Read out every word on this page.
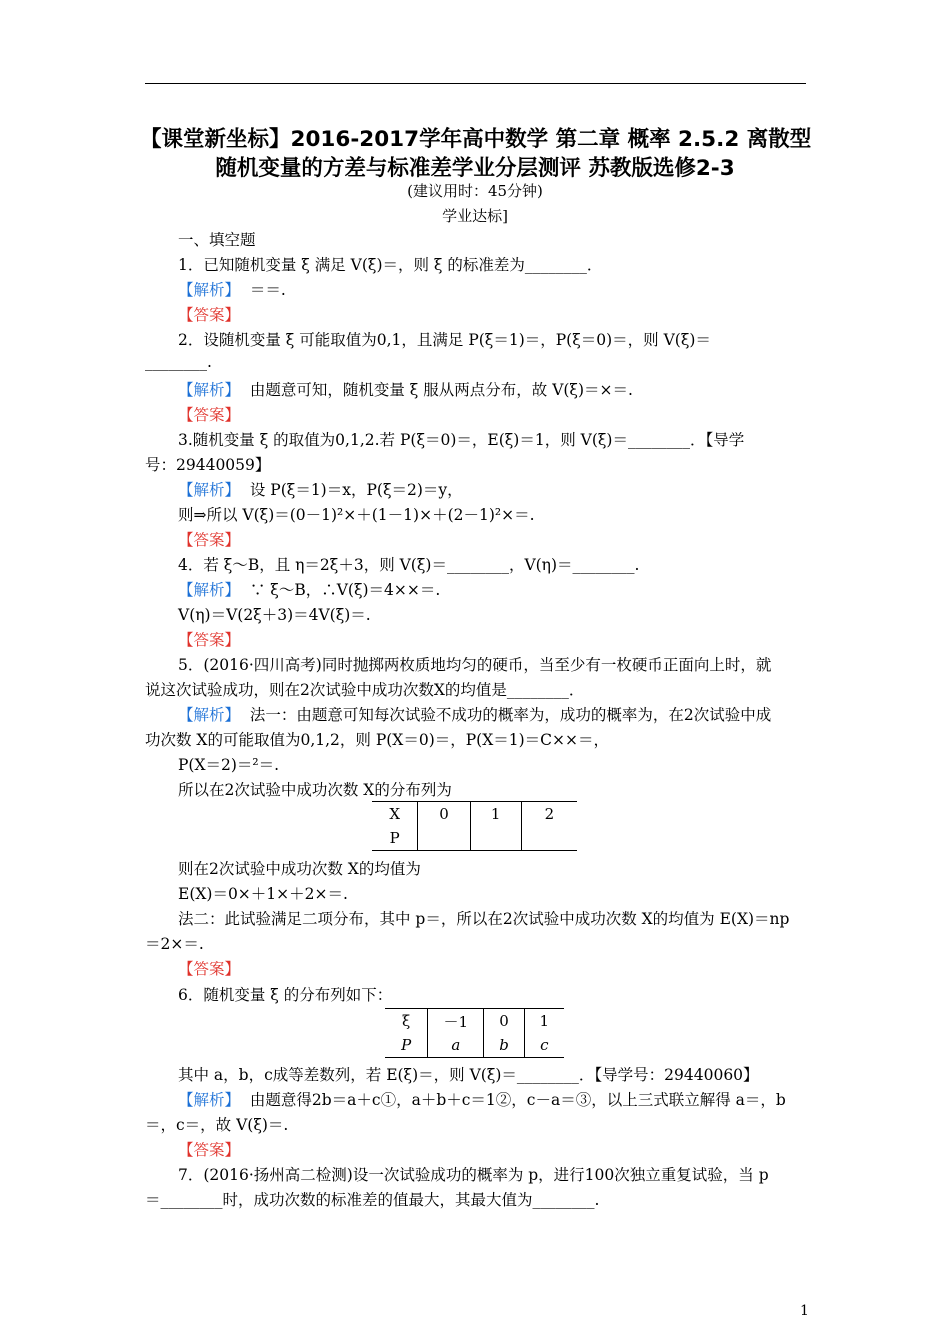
【课堂新坐标】2016-2017学年高中数学 第二章 概率 2.5.2 离散型
随机变量的方差与标准差学业分层测评 苏教版选修2-3
(建议用时：45分钟)
学业达标]
一、填空题
1．已知随机变量 ξ 满足 V(ξ)＝，则 ξ 的标准差为________．
【解析】 ＝＝.
【答案】
2．设随机变量 ξ 可能取值为0,1，且满足 P(ξ＝1)＝，P(ξ＝0)＝，则 V(ξ)＝
________.
【解析】 由题意可知，随机变量 ξ 服从两点分布，故 V(ξ)＝×＝.
【答案】
3.随机变量 ξ 的取值为0,1,2.若 P(ξ＝0)＝，E(ξ)＝1，则 V(ξ)＝________．【导学
号：29440059】
【解析】 设 P(ξ＝1)＝x，P(ξ＝2)＝y，
则⇒所以 V(ξ)＝(0－1)²×＋(1－1)×＋(2－1)²×＝.
【答案】
4．若 ξ～B，且 η＝2ξ＋3，则 V(ξ)＝________，V(η)＝________.
【解析】 ∵ ξ～B，∴V(ξ)＝4××＝.
V(η)＝V(2ξ＋3)＝4V(ξ)＝.
【答案】
5．(2016·四川高考)同时抛掷两枚质地均匀的硬币，当至少有一枚硬币正面向上时，就
说这次试验成功，则在2次试验中成功次数X的均值是________．
【解析】 法一：由题意可知每次试验不成功的概率为，成功的概率为，在2次试验中成
功次数 X的可能取值为0,1,2，则 P(X＝0)＝，P(X＝1)＝C××＝，
P(X＝2)＝²＝.
所以在2次试验中成功次数 X的分布列为
X	0	1	2
P			
则在2次试验中成功次数 X的均值为
E(X)＝0×＋1×＋2×＝.
法二：此试验满足二项分布，其中 p＝，所以在2次试验中成功次数 X的均值为 E(X)＝np
＝2×＝.
【答案】
6．随机变量 ξ 的分布列如下：
ξ	－1	0	1
P	a	b	c
其中 a，b，c成等差数列，若 E(ξ)＝，则 V(ξ)＝________．【导学号：29440060】
【解析】 由题意得2b＝a＋c①，a＋b＋c＝1②，c－a＝③，以上三式联立解得 a＝，b
＝，c＝，故 V(ξ)＝.
【答案】
7．(2016·扬州高二检测)设一次试验成功的概率为 p，进行100次独立重复试验，当 p
＝________时，成功次数的标准差的值最大，其最大值为________.
1
